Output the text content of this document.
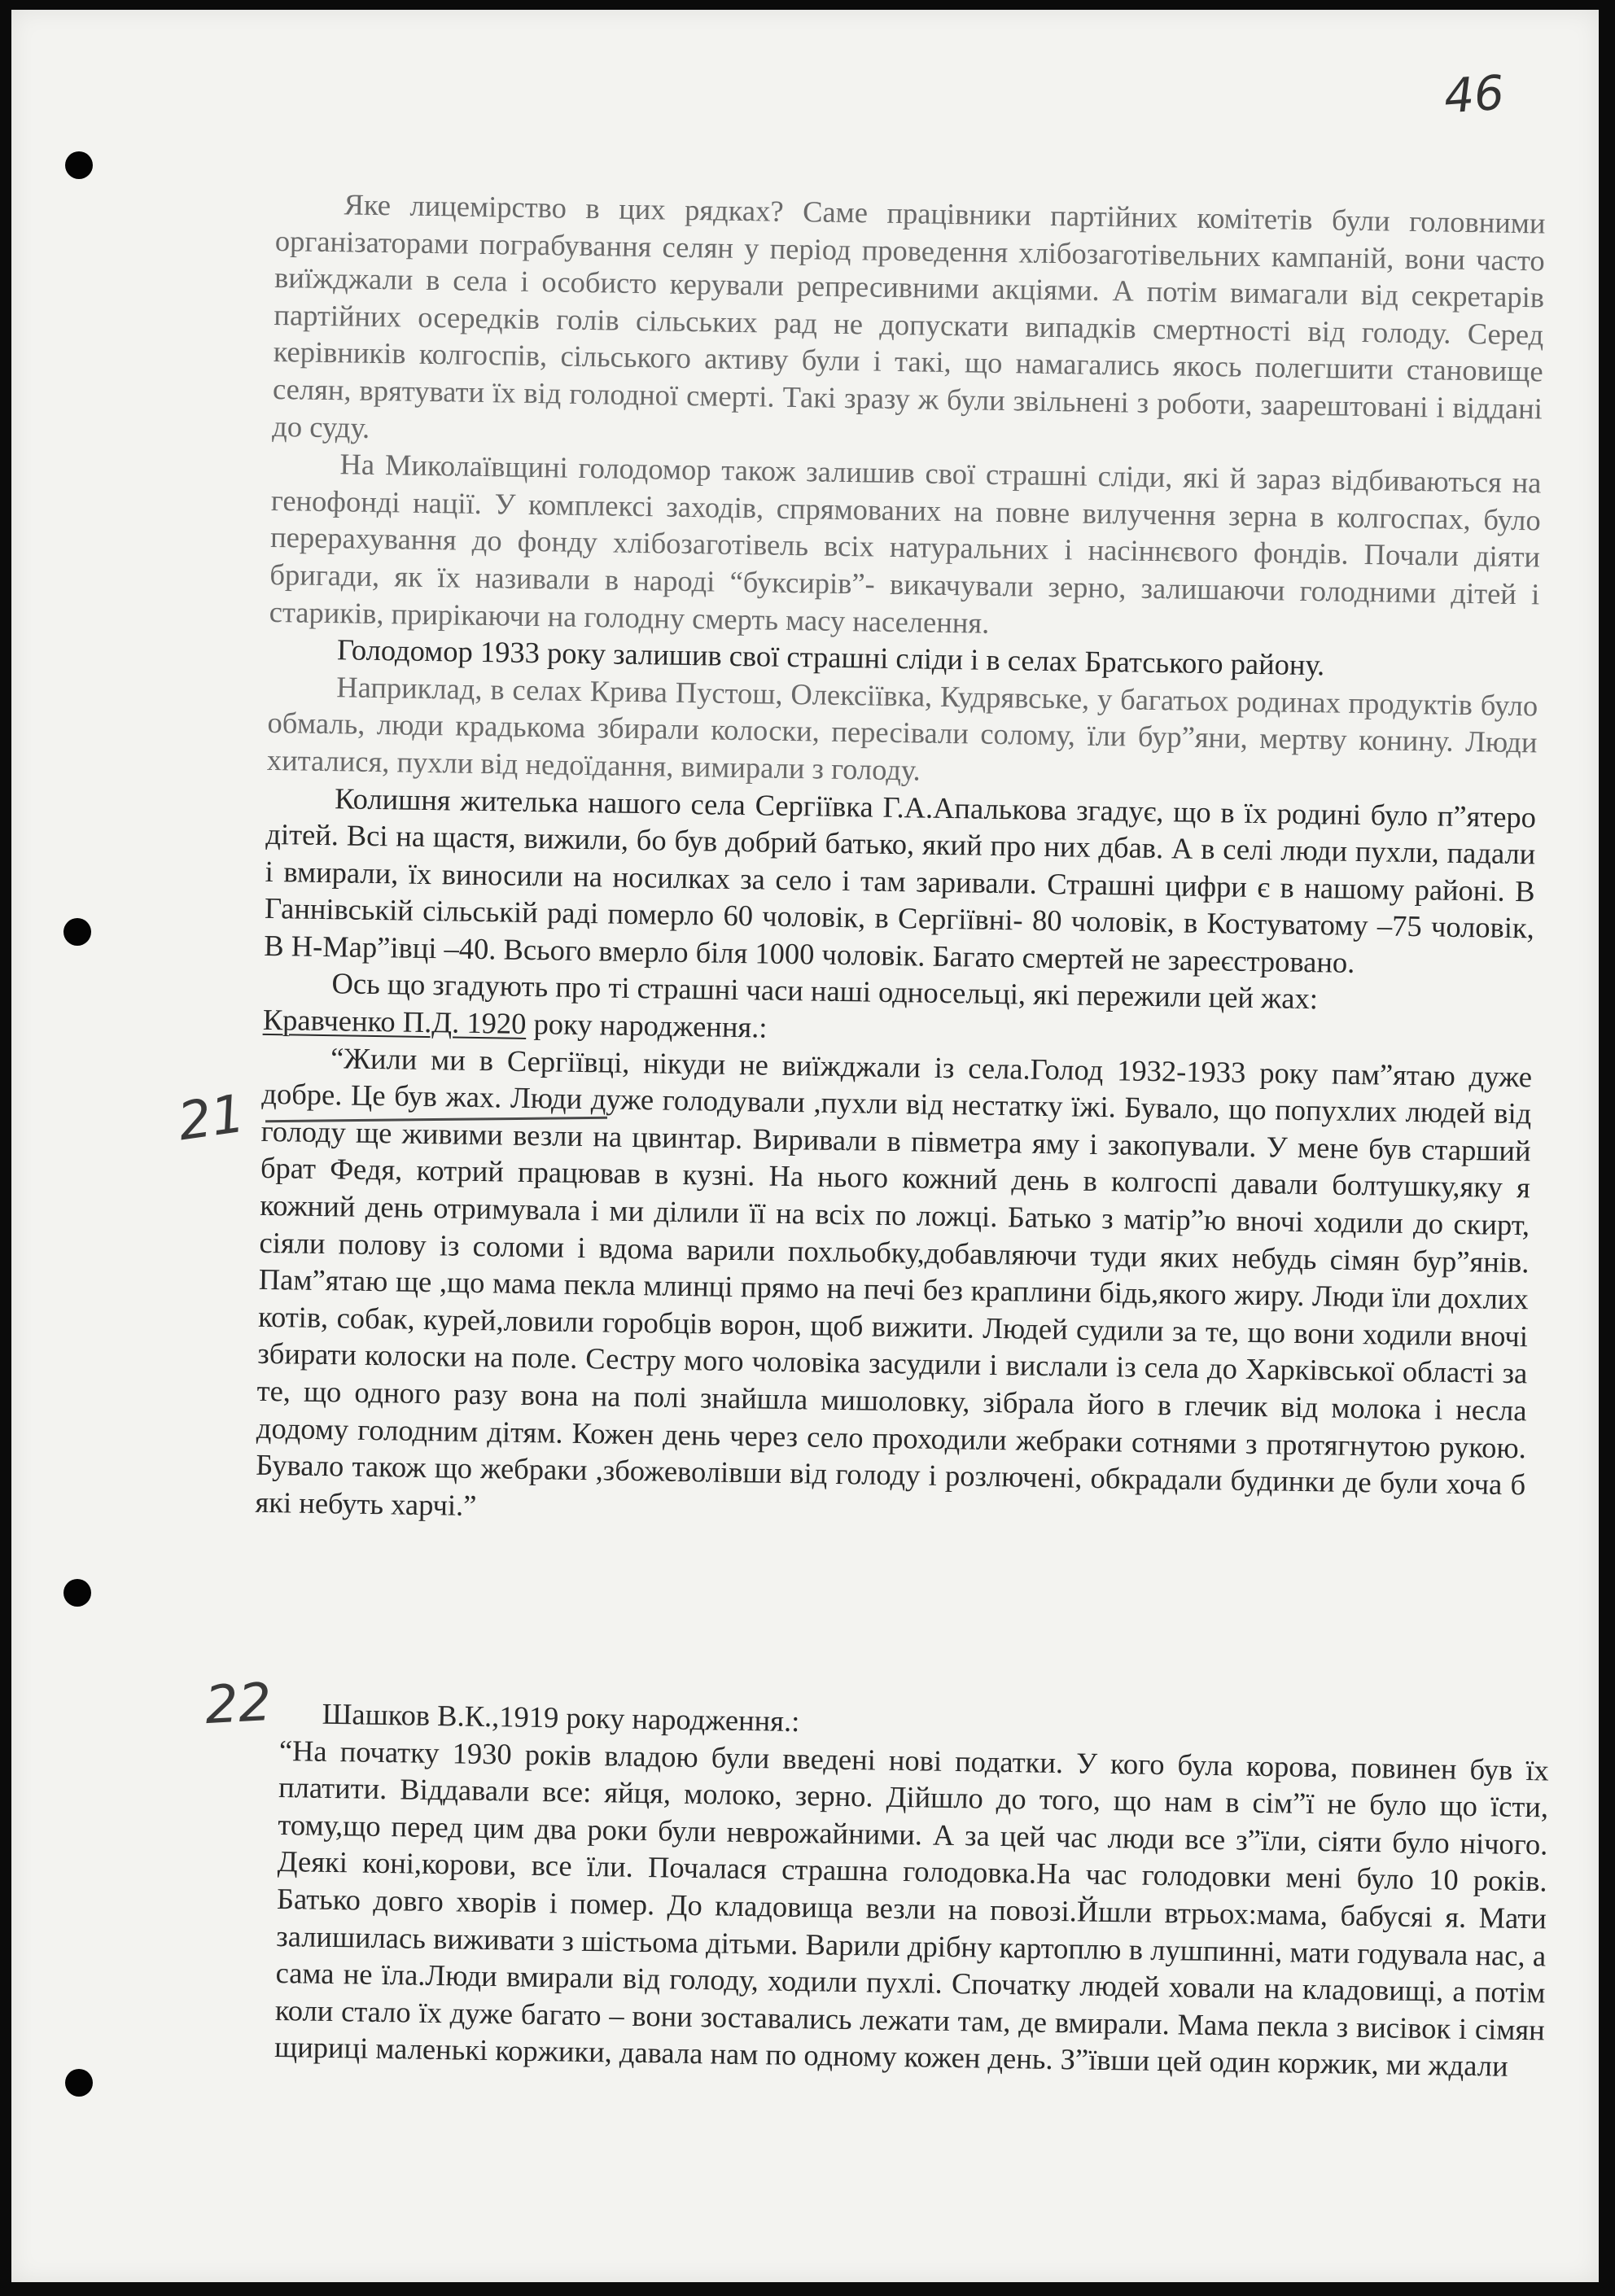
46
21
22

Яке лицемірство в цих рядках? Саме працівники партійних комітетів були головними організаторами пограбування селян у період проведення хлібозаготівельних кампаній, вони часто виїжджали в села і особисто керували репресивними акціями. А потім вимагали від секретарів партійних осередків голів сільських рад не допускати випадків смертності від голоду. Серед керівників колгоспів, сільського активу були і такі, що намагались якось полегшити становище селян, врятувати їх від голодної смерті. Такі зразу ж були звільнені з роботи, заарештовані і віддані до суду.

На Миколаївщині голодомор також залишив свої страшні сліди, які й зараз відбиваються на генофонді нації. У комплексі заходів, спрямованих на повне вилучення зерна в колгоспах, було перерахування до фонду хлібозаготівель всіх натуральних і насіннєвого фондів. Почали діяти бригади, як їх називали в народі “буксирів”- викачували зерно, залишаючи голодними дітей і стариків, прирікаючи на голодну смерть масу населення.

Голодомор 1933 року залишив свої страшні сліди і в селах Братського району.

Наприклад, в селах Крива Пустош, Олексіївка, Кудрявське, у багатьох родинах продуктів було обмаль, люди крадькома збирали колоски, пересівали солому, їли бур”яни, мертву конину. Люди хиталися, пухли від недоїдання, вимирали з голоду.

Колишня жителька нашого села Сергіївка Г.А.Апалькова згадує, що в їх родині було п”ятеро дітей. Всі на щастя, вижили, бо був добрий батько, який про них дбав. А в селі люди пухли, падали і вмирали, їх виносили на носилках за село і там заривали. Страшні цифри є в нашому районі. В Ганнівській сільській раді померло 60 чоловік, в Сергіївні- 80 чоловік, в Костуватому –75 чоловік, В Н-Мар”івці –40. Всього вмерло біля 1000 чоловік. Багато смертей не зареєстровано.

Ось що згадують про ті страшні часи наші односельці, які пережили цей жах:

Кравченко П.Д. 1920 року народження.:

“Жили ми в Сергіївці, нікуди не виїжджали із села.Голод 1932-1933 року пам”ятаю дуже добре. Це був жах. Люди дуже голодували ,пухли від нестатку їжі. Бувало, що попухлих людей від голоду ще живими везли на цвинтар. Виривали в півметра яму і закопували. У мене був старший брат Федя, котрий працював в кузні. На нього кожний день в колгоспі давали болтушку,яку я кожний день отримувала і ми ділили її на всіх по ложці. Батько з матір”ю вночі ходили до скирт, сіяли полову із соломи і вдома варили похльобку,добавляючи туди яких небудь сімян бур”янів. Пам”ятаю ще ,що мама пекла млинці прямо на печі без краплини бідь,якого жиру. Люди їли дохлих котів, собак, курей,ловили горобців ворон, щоб вижити. Людей судили за те, що вони ходили вночі збирати колоски на поле. Сестру мого чоловіка засудили і вислали із села до Харківської області за те, що одного разу вона на полі знайшла мишоловку, зібрала його в глечик від молока і несла додому голодним дітям. Кожен день через село проходили жебраки сотнями з протягнутою рукою. Бувало також що жебраки ,збожеволівши від голоду і розлючені, обкрадали будинки де були хоча б які небуть харчі.”

Шашков В.К.,1919 року народження.:

“На початку 1930 років владою були введені нові податки. У кого була корова, повинен був їх платити. Віддавали все: яйця, молоко, зерно. Дійшло до того, що нам в сім”ї не було що їсти, тому,що перед цим два роки були неврожайними. А за цей час люди все з”їли, сіяти було нічого. Деякі коні,корови, все їли. Почалася страшна голодовка.На час голодовки мені було 10 років. Батько довго хворів і помер. До кладовища везли на повозі.Йшли втрьох:мама, бабусяі я. Мати залишилась виживати з шістьома дітьми. Варили дрібну картоплю в лушпинні, мати годувала нас, а сама не їла.Люди вмирали від голоду, ходили пухлі. Спочатку людей ховали на кладовищі, а потім коли стало їх дуже багато – вони зоставались лежати там, де вмирали. Мама пекла з висівок і сімян щириці маленькі коржики, давала нам по одному кожен день. З”ївши цей один коржик, ми ждали
